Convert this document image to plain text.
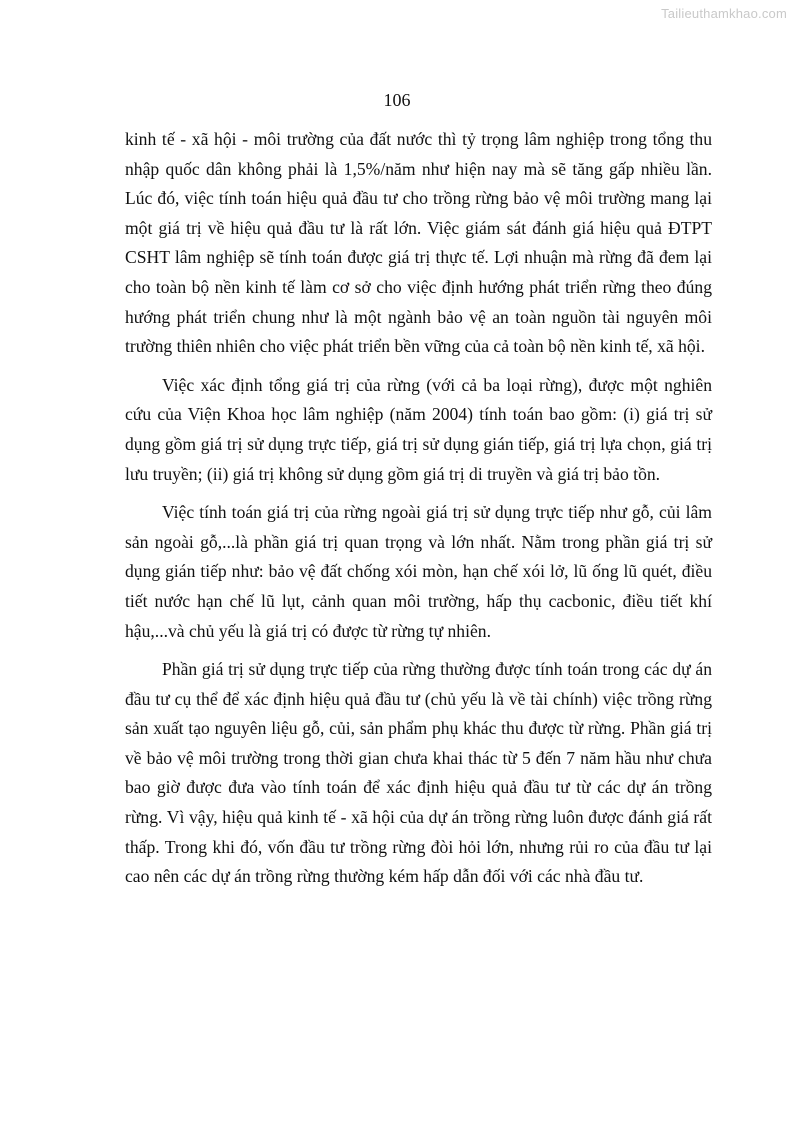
Tailieuthamkhao.com
106

kinh tế - xã hội - môi trường của đất nước thì tỷ trọng lâm nghiệp trong tổng thu nhập quốc dân không phải là 1,5%/năm như hiện nay mà sẽ tăng gấp nhiều lần. Lúc đó, việc tính toán hiệu quả đầu tư cho trồng rừng bảo vệ môi trường mang lại một giá trị về hiệu quả đầu tư là rất lớn. Việc giám sát đánh giá hiệu quả ĐTPT CSHT lâm nghiệp sẽ tính toán được giá trị thực tế. Lợi nhuận mà rừng đã đem lại cho toàn bộ nền kinh tế làm cơ sở cho việc định hướng phát triển rừng theo đúng hướng phát triển chung như là một ngành bảo vệ an toàn nguồn tài nguyên môi trường thiên nhiên cho việc phát triển bền vững của cả toàn bộ nền kinh tế, xã hội.

Việc xác định tổng giá trị của rừng (với cả ba loại rừng), được một nghiên cứu của Viện Khoa học lâm nghiệp (năm 2004) tính toán bao gồm: (i) giá trị sử dụng gồm giá trị sử dụng trực tiếp, giá trị sử dụng gián tiếp, giá trị lựa chọn, giá trị lưu truyền; (ii) giá trị không sử dụng gồm giá trị di truyền và giá trị bảo tồn.

Việc tính toán giá trị của rừng ngoài giá trị sử dụng trực tiếp như gỗ, củi lâm sản ngoài gỗ,...là phần giá trị quan trọng và lớn nhất. Nằm trong phần giá trị sử dụng gián tiếp như: bảo vệ đất chống xói mòn, hạn chế xói lở, lũ ống lũ quét, điều tiết nước hạn chế lũ lụt, cảnh quan môi trường, hấp thụ cacbonic, điều tiết khí hậu,...và chủ yếu là giá trị có được từ rừng tự nhiên.

Phần giá trị sử dụng trực tiếp của rừng thường được tính toán trong các dự án đầu tư cụ thể để xác định hiệu quả đầu tư (chủ yếu là về tài chính) việc trồng rừng sản xuất tạo nguyên liệu gỗ, củi, sản phẩm phụ khác thu được từ rừng. Phần giá trị về bảo vệ môi trường trong thời gian chưa khai thác từ 5 đến 7 năm hầu như chưa bao giờ được đưa vào tính toán để xác định hiệu quả đầu tư từ các dự án trồng rừng. Vì vậy, hiệu quả kinh tế - xã hội của dự án trồng rừng luôn được đánh giá rất thấp. Trong khi đó, vốn đầu tư trồng rừng đòi hỏi lớn, nhưng rủi ro của đầu tư lại cao nên các dự án trồng rừng thường kém hấp dẫn đối với các nhà đầu tư.
